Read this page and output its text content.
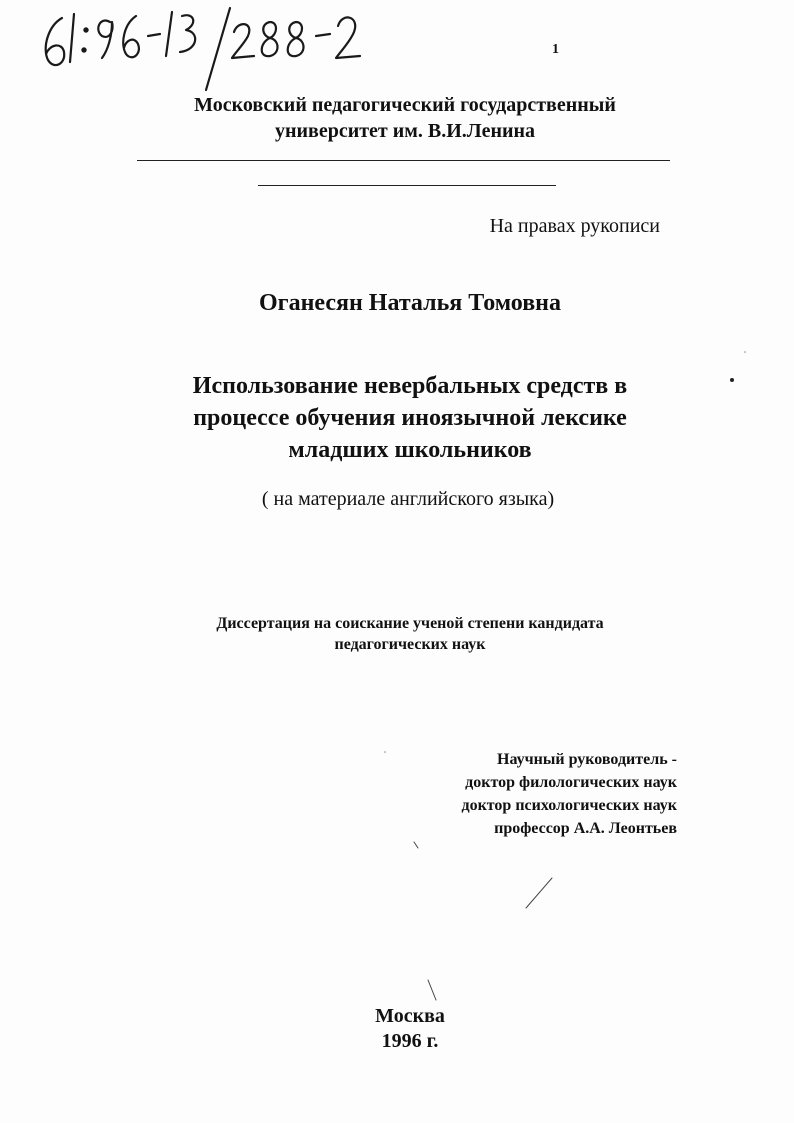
1
Московский педагогический государственный
университет им. В.И.Ленина
На правах рукописи
Оганесян Наталья Томовна
Использование невербальных средств в
процессе обучения иноязычной лексике
младших школьников
( на материале английского языка)
Диссертация на соискание ученой степени кандидата
педагогических наук
Научный руководитель -
доктор филологических наук
доктор психологических наук
профессор А.А. Леонтьев
Москва
1996 г.
